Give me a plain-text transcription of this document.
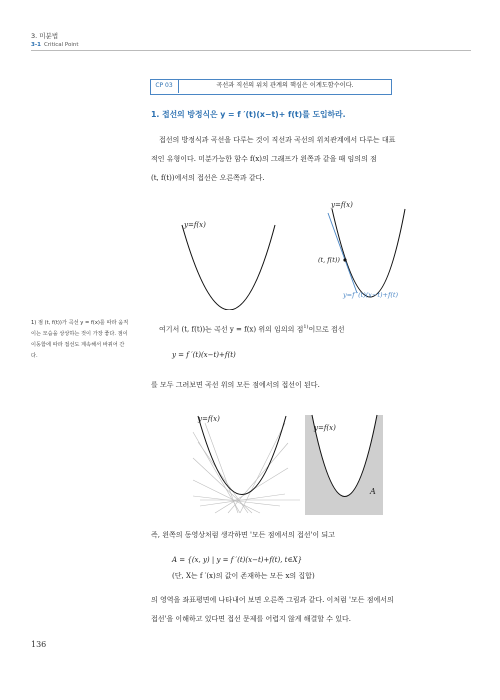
3. 미분법
3-1 Critical Point
CP 03	곡선과 직선의 위치 관계의 핵심은 이계도함수이다.
1. 접선의 방정식은 y = f ′(t)(x−t)+ f(t)를 도입하라.
접선의 방정식과 곡선을 다루는 것이 직선과 곡선의 위치관계에서 다루는 대표
적인 유형이다. 미분가능한 함수 f(x)의 그래프가 왼쪽과 같을 때 임의의 점
(t, f(t))에서의 접선은 오른쪽과 같다.
y=f(x)
y=f(x)
(t, f(t))
y=f ′(t)(x−t)+f(t)
1) 점 (t, f(t))가 곡선 y = f(x)를 따라 움직이는 모습을 상상하는 것이 가장 좋다. 점이 이동함에 따라 접선도 계속해서 바뀌어 간다.
여기서 (t, f(t))는 곡선 y = f(x) 위의 임의의 점$^{1)}$이므로 접선
y = f ′(t)(x−t)+f(t)
를 모두 그려보면 곡선 위의 모든 점에서의 접선이 된다.
y=f(x)
y=f(x)
A
즉, 왼쪽의 동영상처럼 생각하면 '모든 점에서의 접선'이 되고
A = {(x, y) | y = f ′(t)(x−t)+f(t), t∈X}
(단, X는 f ′(x)의 값이 존재하는 모든 x의 집합)
의 영역을 좌표평면에 나타내어 보면 오른쪽 그림과 같다. 이처럼 '모든 점에서의
접선'을 이해하고 있다면 접선 문제를 어렵지 않게 해결할 수 있다.
136
